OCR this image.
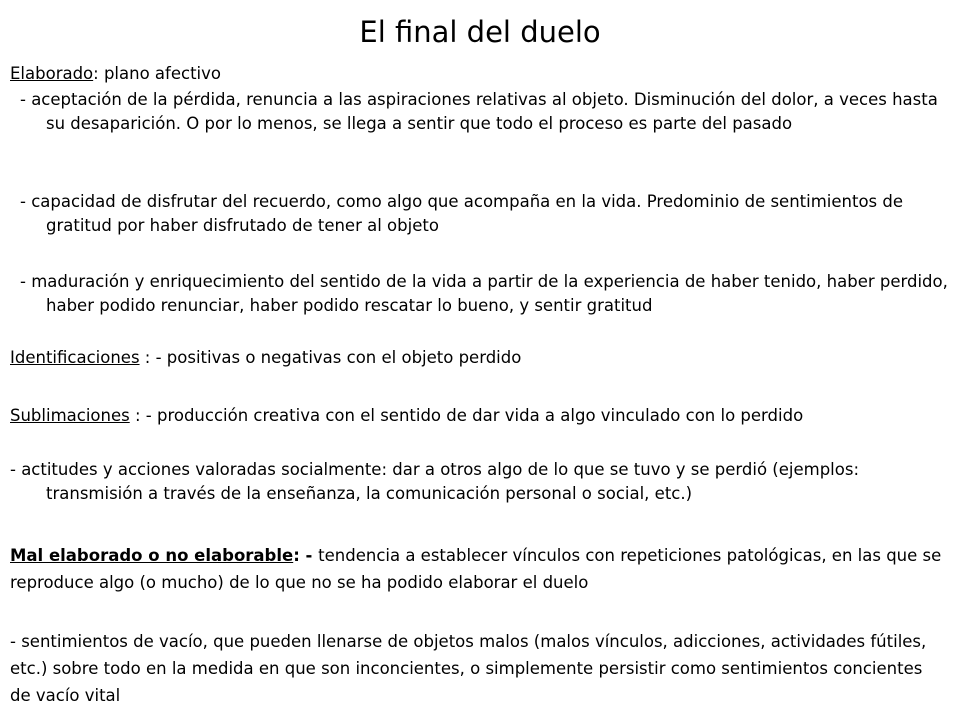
El final del duelo

Elaborado: plano afectivo

- aceptación de la pérdida, renuncia a las aspiraciones relativas al objeto. Disminución del dolor, a veces hasta su desaparición. O por lo menos, se llega a sentir que todo el proceso es parte del pasado

- capacidad de disfrutar del recuerdo, como algo que acompaña en la vida. Predominio de sentimientos de gratitud por haber disfrutado de tener al objeto

- maduración y enriquecimiento del sentido de la vida a partir de la experiencia de haber tenido, haber perdido, haber podido renunciar, haber podido rescatar lo bueno, y sentir gratitud

Identificaciones : - positivas o negativas con el objeto perdido

Sublimaciones : - producción creativa con el sentido de dar vida a algo vinculado con lo perdido

- actitudes y acciones valoradas socialmente: dar a otros algo de lo que se tuvo y se perdió (ejemplos: transmisión a través de la enseñanza, la comunicación personal o social, etc.)

Mal elaborado o no elaborable: - tendencia a establecer vínculos con repeticiones patológicas, en las que se reproduce algo (o mucho) de lo que no se ha podido elaborar el duelo

- sentimientos de vacío, que pueden llenarse de objetos malos (malos vínculos, adicciones, actividades fútiles, etc.) sobre todo en la medida en que son inconcientes, o simplemente persistir como sentimientos concientes de vacío vital
